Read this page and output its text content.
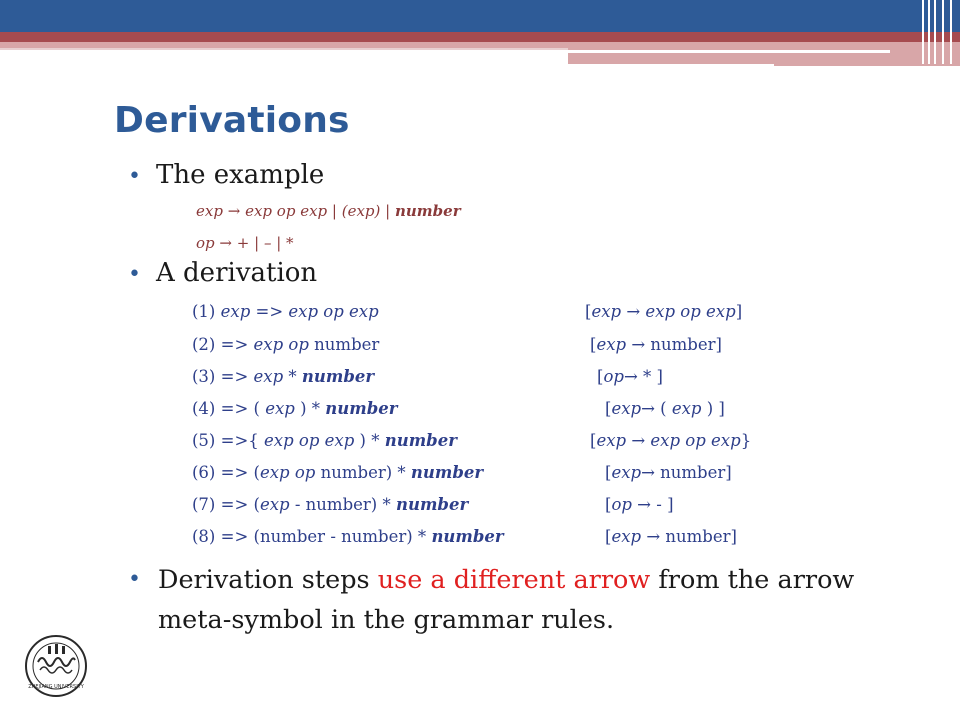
Derivations
• The example
exp → exp op exp | (exp) | number
op → + | – | *
• A derivation
(1) exp => exp op exp	[exp → exp op exp]
(2) => exp op number	[exp → number]
(3) => exp * number	[op→ * ]
(4) => ( exp ) * number	[exp→ ( exp ) ]
(5) =>{ exp op exp ) * number	[exp → exp op exp}
(6) => (exp op number) * number	[exp→ number]
(7) => (exp - number) * number	[op → - ]
(8) => (number - number) * number	[exp → number]
• Derivation steps use a different arrow from the arrow meta-symbol in the grammar rules.
ZHEJIANG UNIVERSITY
